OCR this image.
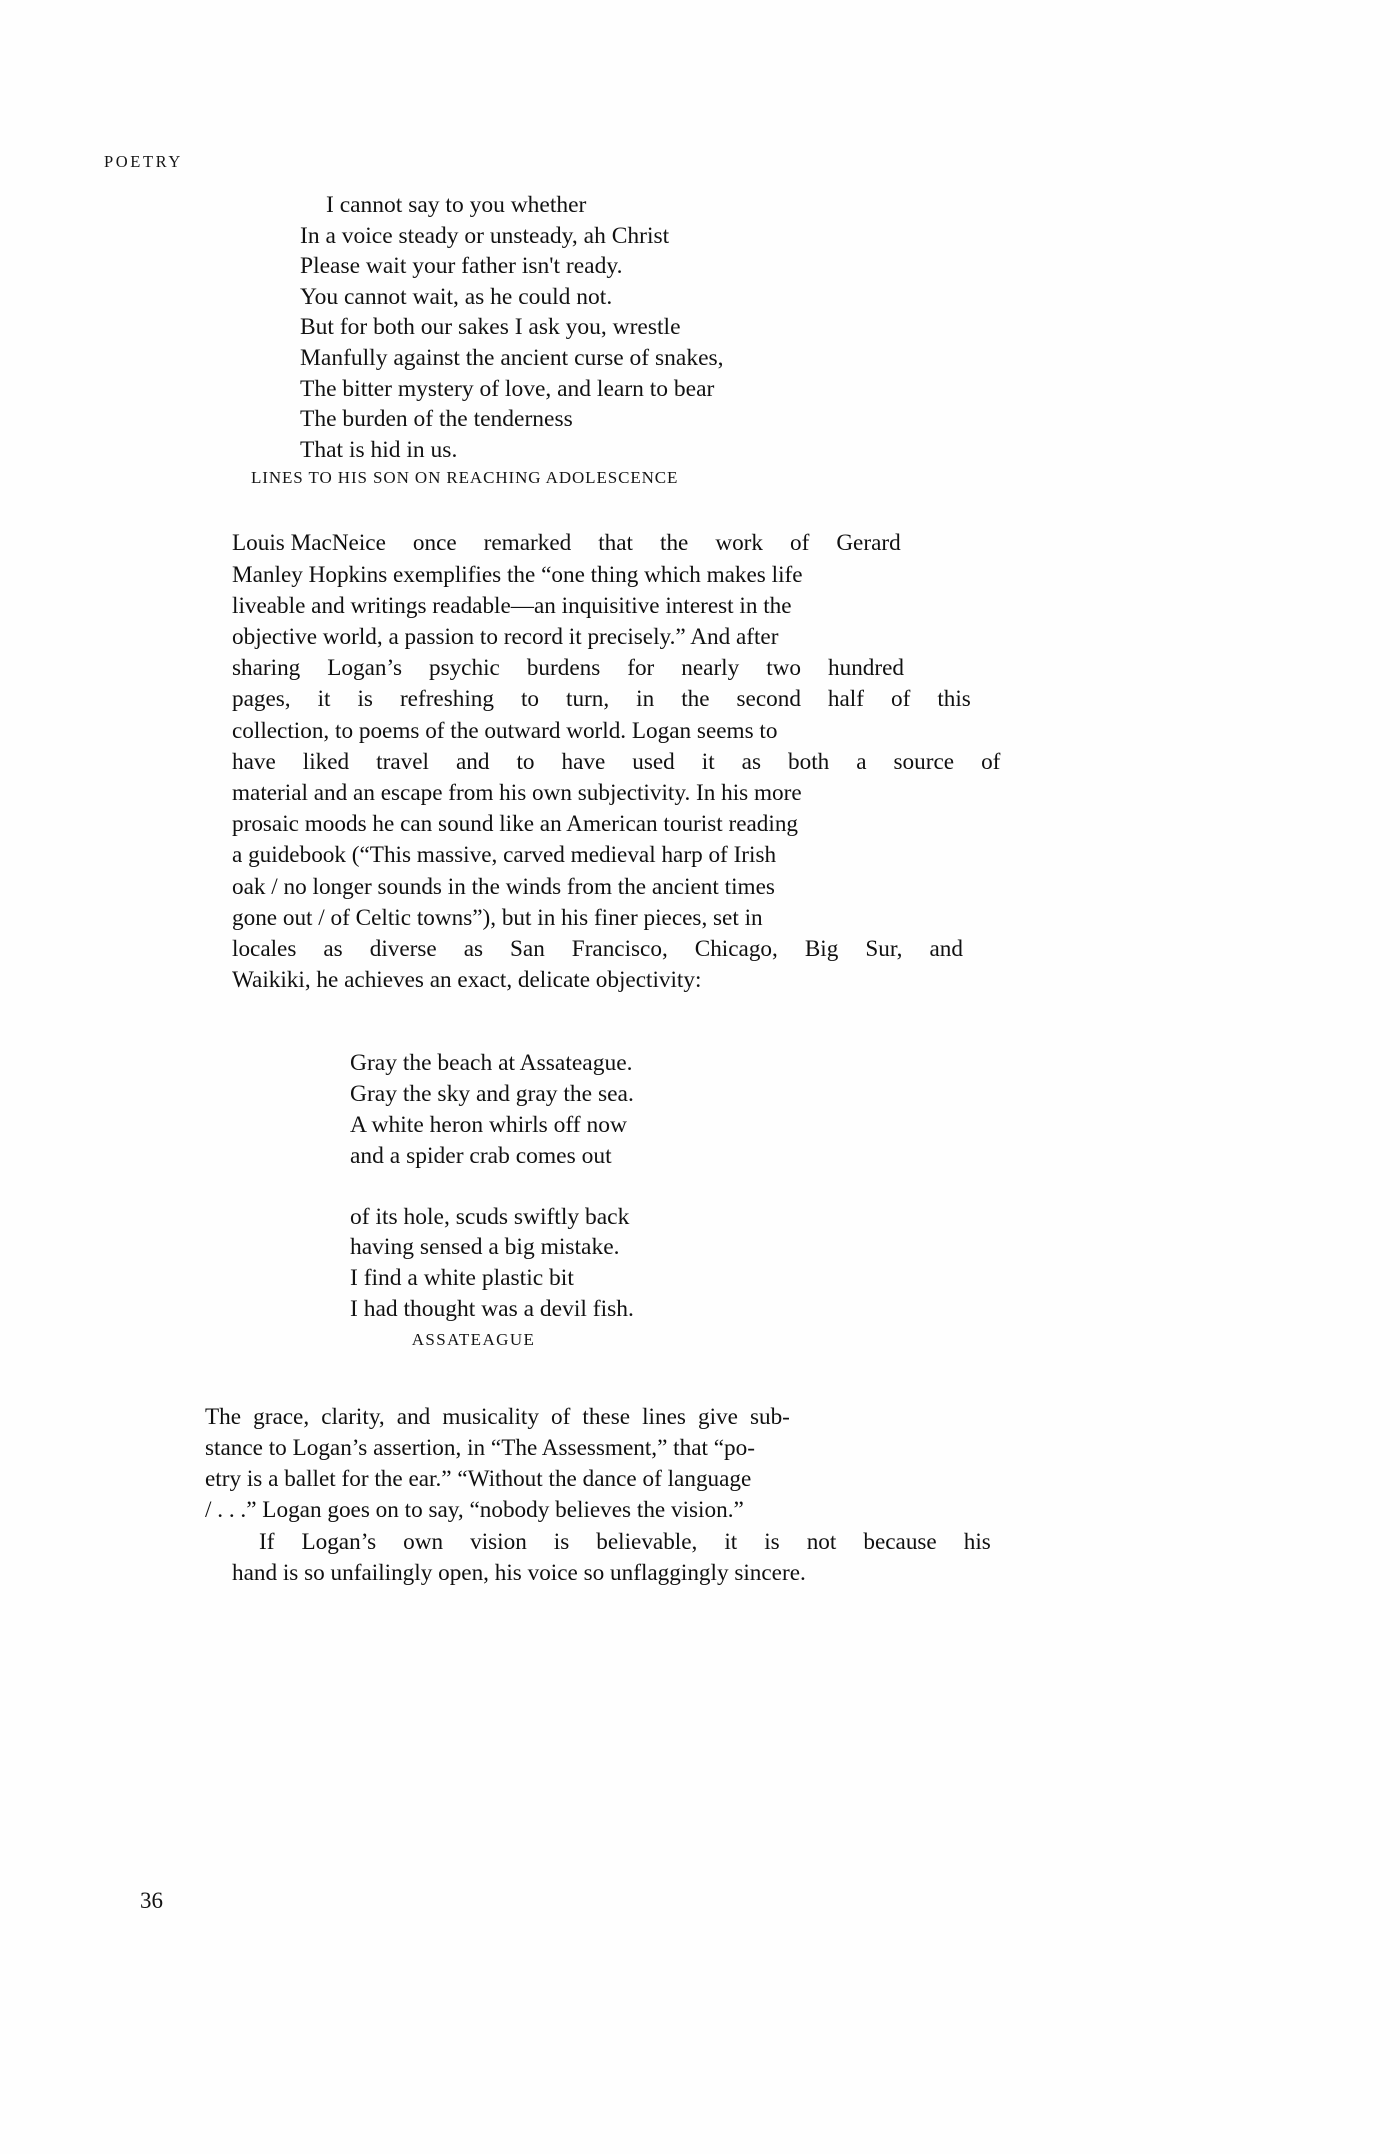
POETRY
I cannot say to you whether
In a voice steady or unsteady, ah Christ
Please wait your father isn't ready.
You cannot wait, as he could not.
But for both our sakes I ask you, wrestle
Manfully against the ancient curse of snakes,
The bitter mystery of love, and learn to bear
The burden of the tenderness
That is hid in us.
LINES TO HIS SON ON REACHING ADOLESCENCE

Louis MacNeice	once	remarked	that	the	work	of	Gerard
Manley Hopkins exemplifies the “one thing which makes life
liveable and writings readable—an inquisitive interest in the
objective world, a passion to record it precisely.” And after
sharing	Logan’s	psychic	burdens	for	nearly	two	hundred
pages,	it	is	refreshing	to	turn,	in	the	second	half	of	this
collection, to poems of the outward world. Logan seems to
have	liked	travel	and	to	have	used	it	as	both	a	source	of
material and an escape from his own subjectivity. In his more
prosaic moods he can sound like an American tourist reading
a guidebook (“This massive, carved medieval harp of Irish
oak / no longer sounds in the winds from the ancient times
gone out / of Celtic towns”), but in his finer pieces, set in
locales	as	diverse	as	San	Francisco,	Chicago,	Big	Sur,	and
Waikiki, he achieves an exact, delicate objectivity:

Gray the beach at Assateague.
Gray the sky and gray the sea.
A white heron whirls off now
and a spider crab comes out
of its hole, scuds swiftly back
having sensed a big mistake.
I find a white plastic bit
I had thought was a devil fish.
ASSATEAGUE

The grace, clarity, and musicality of these lines give sub-
stance to Logan’s assertion, in “The Assessment,” that “po-
etry is a ballet for the ear.” “Without the dance of language
/ . . .” Logan goes on to say, “nobody believes the vision.”

If	Logan’s	own	vision	is	believable,	it	is	not	because	his
hand is so unfailingly open, his voice so unflaggingly sincere.

36
